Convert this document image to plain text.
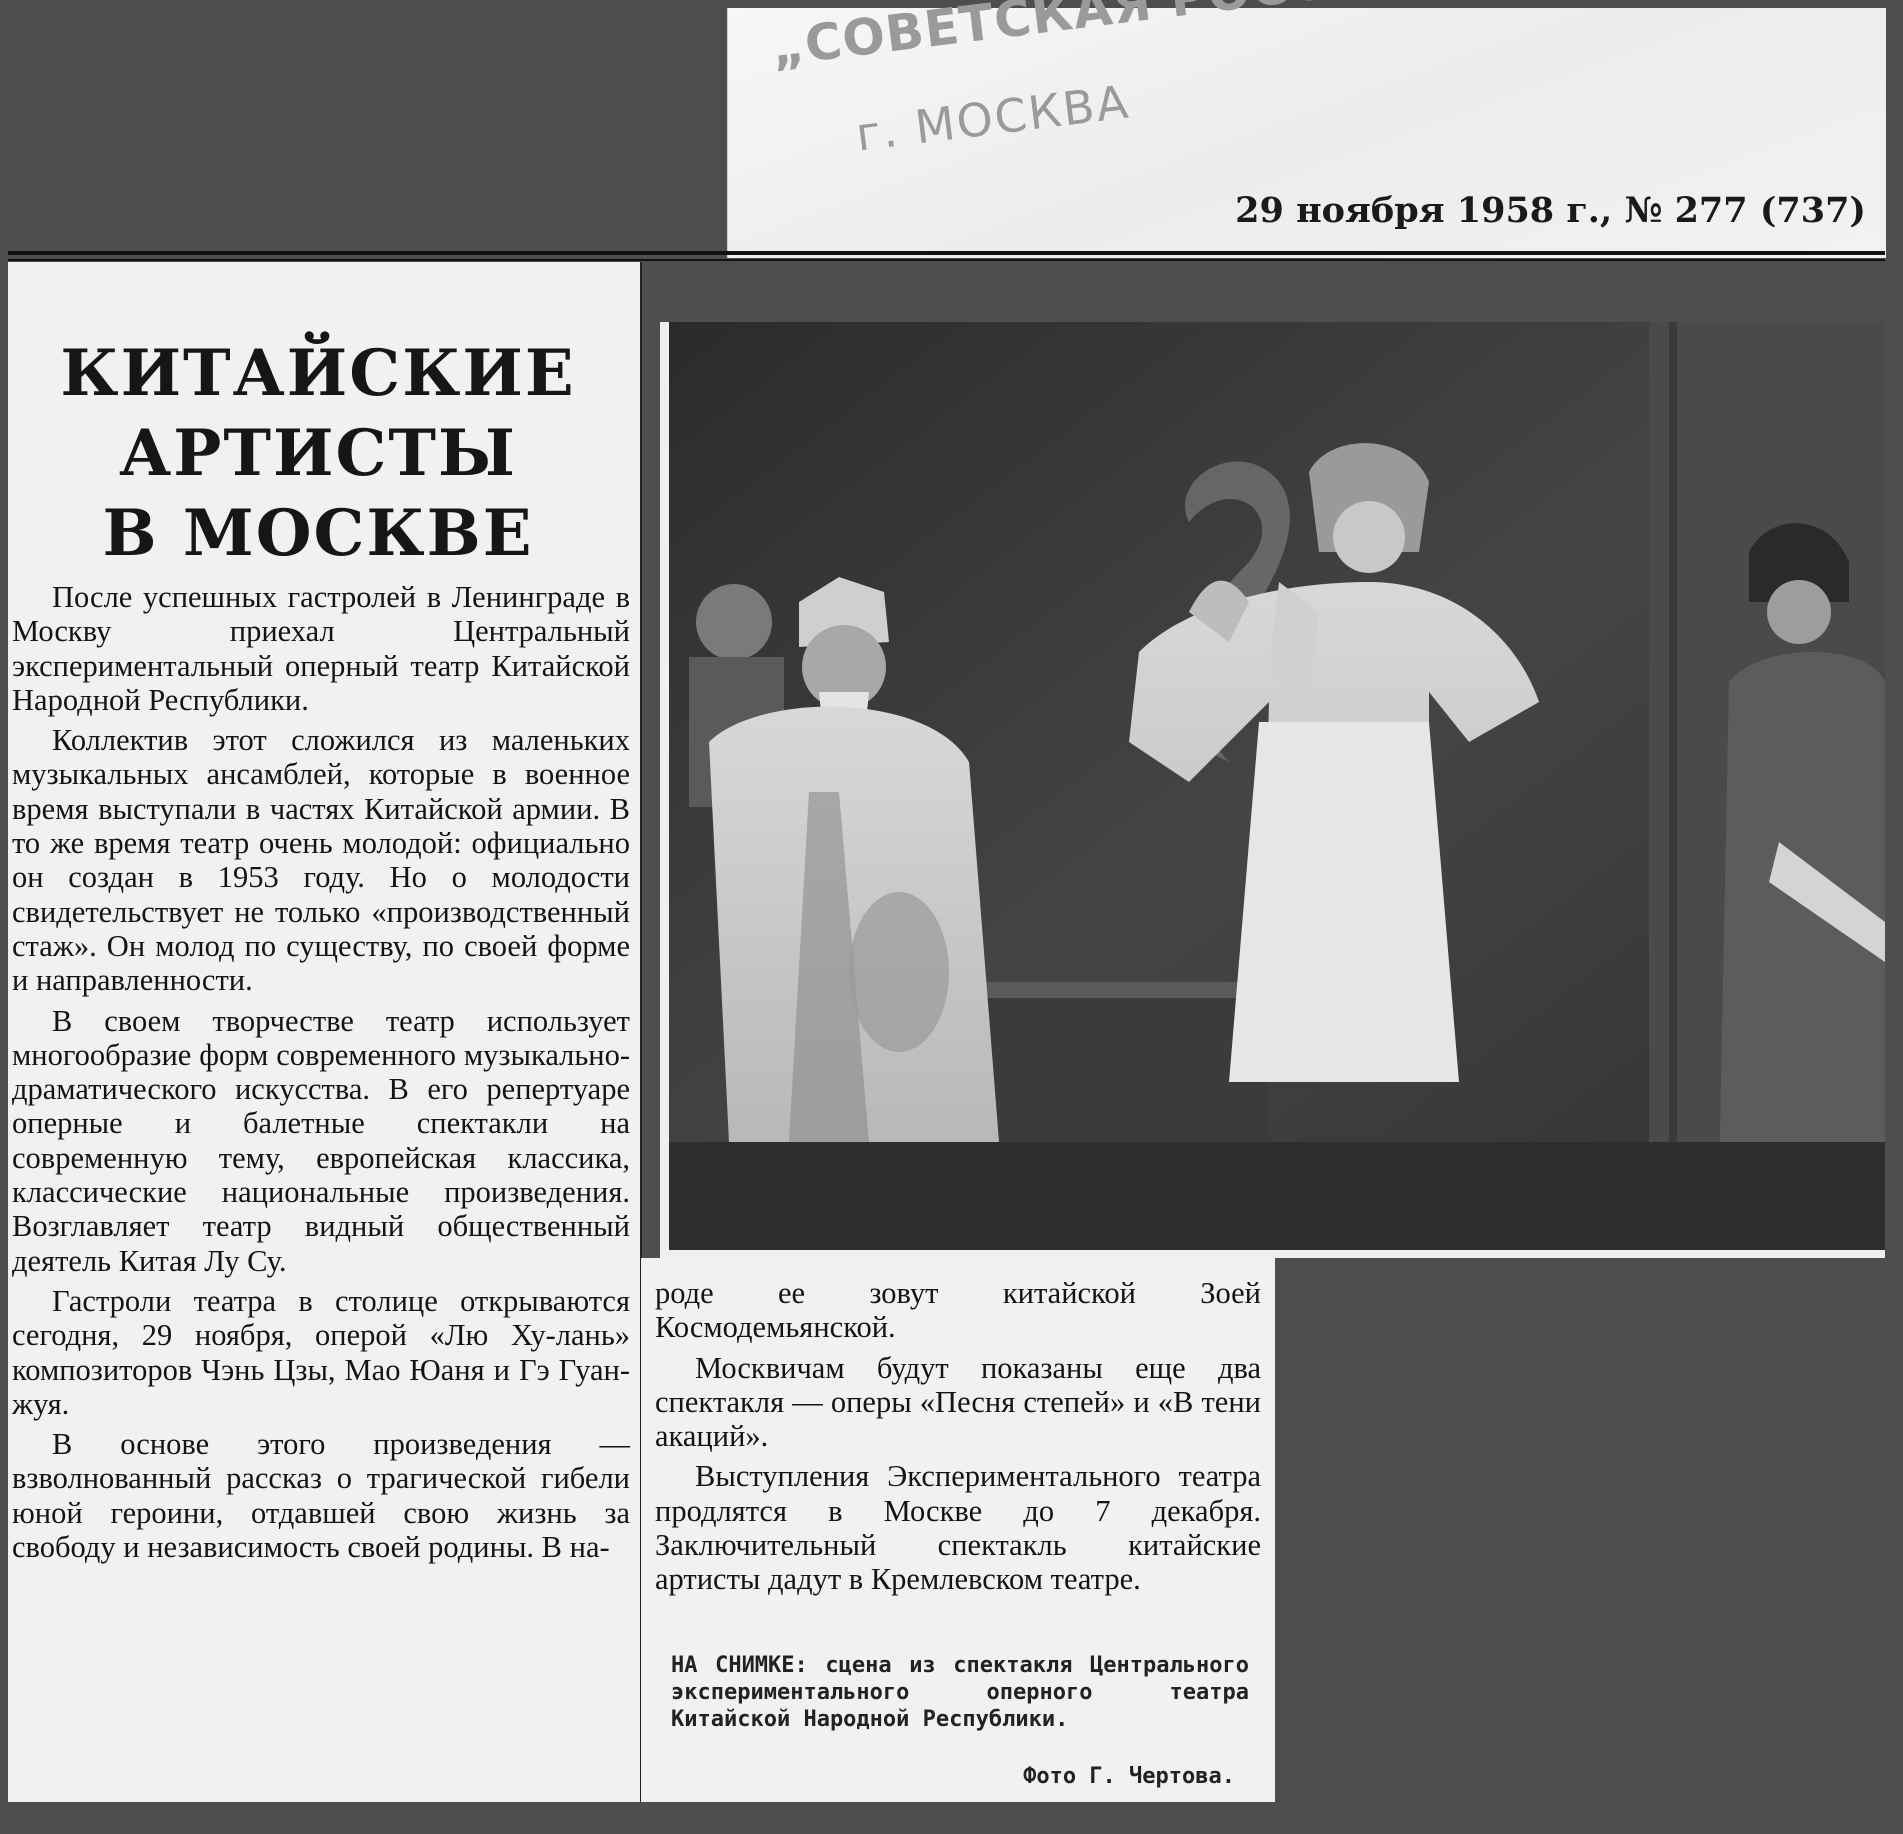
г. МОСКВА
29 ноября 1958 г., № 277 (737)
КИТАЙСКИЕ
АРТИСТЫ
В МОСКВЕ

После успешных гастролей в Ленинграде в Москву приехал Центральный экспериментальный оперный театр Китайской Народной Республики.

Коллектив этот сложился из маленьких музыкальных ансамблей, которые в военное время выступали в частях Китайской армии. В то же время театр очень молодой: официально он создан в 1953 году. Но о молодости свидетельствует не только «производственный стаж». Он молод по существу, по своей форме и направленности.

В своем творчестве театр использует многообразие форм современного музыкально-драматического искусства. В его репертуаре оперные и балетные спектакли на современную тему, европейская классика, классические национальные произведения. Возглавляет театр видный общественный деятель Китая Лу Су.

Гастроли театра в столице открываются сегодня, 29 ноября, оперой «Лю Ху-лань» композиторов Чэнь Цзы, Мао Юаня и Гэ Гуан-жуя.

В основе этого произведения — взволнованный рассказ о трагической гибели юной героини, отдавшей свою жизнь за свободу и независимость своей родины. В на-

роде ее зовут китайской Зоей Космодемьянской.

Москвичам будут показаны еще два спектакля — оперы «Песня степей» и «В тени акаций».

Выступления Экспериментального театра продлятся в Москве до 7 декабря. Заключительный спектакль китайские артисты дадут в Кремлевском театре.

НА СНИМКЕ: сцена из спектакля Центрального экспериментального оперного театра Китайской Народной Республики.
Фото Г. Чертова.
